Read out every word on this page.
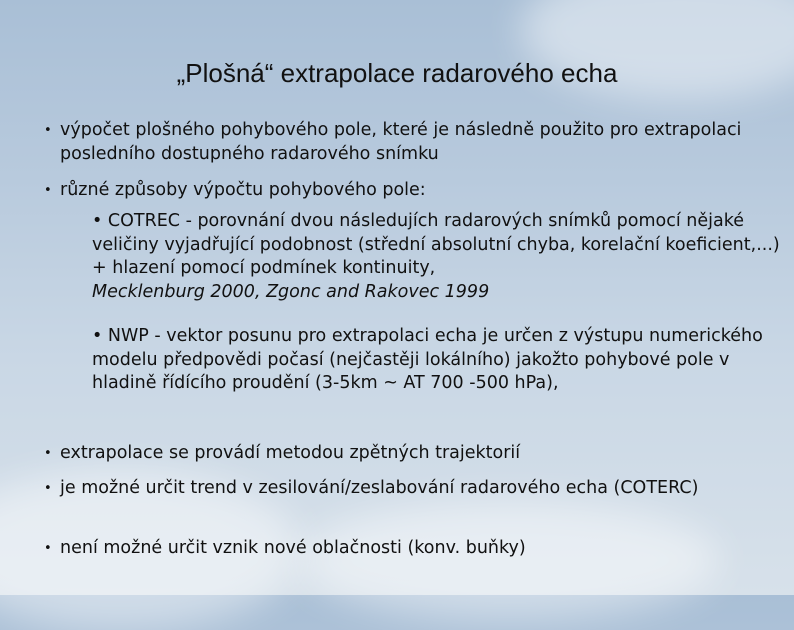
„Plošná“ extrapolace radarového echa
• výpočet plošného pohybového pole, které je následně použito pro extrapolaci posledního dostupného radarového snímku
• různé způsoby výpočtu pohybového pole:
• COTREC - porovnání dvou následujích radarových snímků pomocí nějaké veličiny vyjadřující podobnost (střední absolutní chyba, korelační koeficient,...) + hlazení pomocí podmínek kontinuity,
Mecklenburg 2000, Zgonc and Rakovec 1999
• NWP - vektor posunu pro extrapolaci echa je určen z výstupu numerického modelu předpovědi počasí (nejčastěji lokálního) jakožto pohybové pole v hladině řídícího proudění (3-5km ~ AT 700 -500 hPa),
• extrapolace se provádí metodou zpětných trajektorií
• je možné určit trend v zesilování/zeslabování radarového echa (COTERC)
• není možné určit vznik nové oblačnosti (konv. buňky)
